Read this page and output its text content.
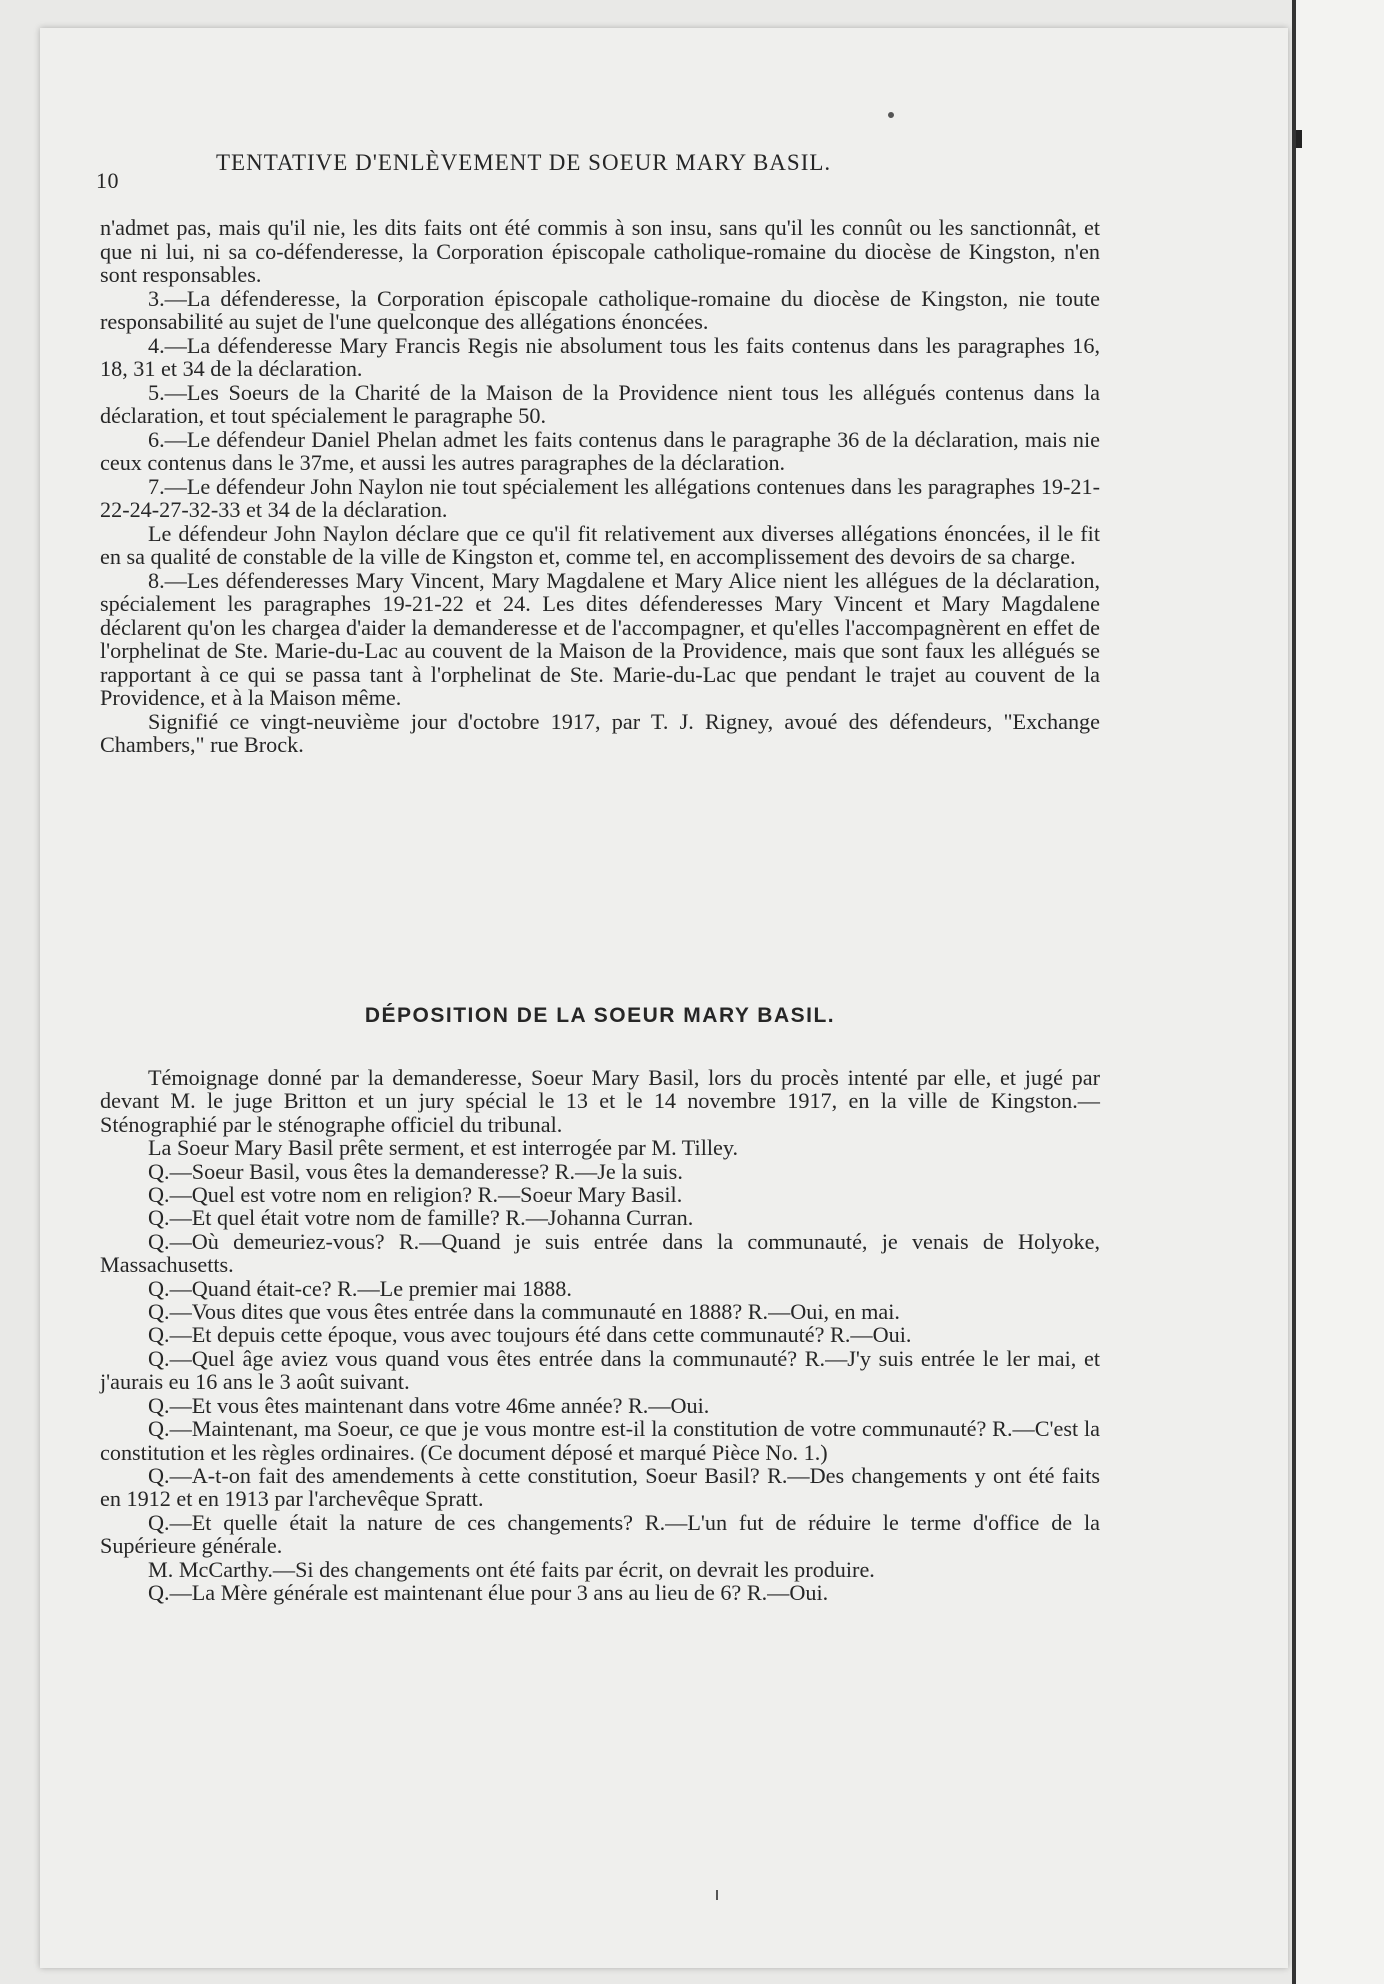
10
TENTATIVE D'ENLÈVEMENT DE SOEUR MARY BASIL.

n'admet pas, mais qu'il nie, les dits faits ont été commis à son insu, sans qu'il les connût ou les sanctionnât, et que ni lui, ni sa co-défenderesse, la Corporation épiscopale catholique-romaine du diocèse de Kingston, n'en sont responsables.

3.—La défenderesse, la Corporation épiscopale catholique-romaine du diocèse de Kingston, nie toute responsabilité au sujet de l'une quelconque des allégations énoncées.

4.—La défenderesse Mary Francis Regis nie absolument tous les faits contenus dans les paragraphes 16, 18, 31 et 34 de la déclaration.

5.—Les Soeurs de la Charité de la Maison de la Providence nient tous les allégués contenus dans la déclaration, et tout spécialement le paragraphe 50.

6.—Le défendeur Daniel Phelan admet les faits contenus dans le paragraphe 36 de la déclaration, mais nie ceux contenus dans le 37me, et aussi les autres paragraphes de la déclaration.

7.—Le défendeur John Naylon nie tout spécialement les allégations contenues dans les paragraphes 19-21-22-24-27-32-33 et 34 de la déclaration.

Le défendeur John Naylon déclare que ce qu'il fit relativement aux diverses allégations énoncées, il le fit en sa qualité de constable de la ville de Kingston et, comme tel, en accomplissement des devoirs de sa charge.

8.—Les défenderesses Mary Vincent, Mary Magdalene et Mary Alice nient les allégues de la déclaration, spécialement les paragraphes 19-21-22 et 24. Les dites défenderesses Mary Vincent et Mary Magdalene déclarent qu'on les chargea d'aider la demanderesse et de l'accompagner, et qu'elles l'accompagnèrent en effet de l'orphelinat de Ste. Marie-du-Lac au couvent de la Maison de la Providence, mais que sont faux les allégués se rapportant à ce qui se passa tant à l'orphelinat de Ste. Marie-du-Lac que pendant le trajet au couvent de la Providence, et à la Maison même.

Signifié ce vingt-neuvième jour d'octobre 1917, par T. J. Rigney, avoué des défendeurs, "Exchange Chambers," rue Brock.

DÉPOSITION DE LA SOEUR MARY BASIL.

Témoignage donné par la demanderesse, Soeur Mary Basil, lors du procès intenté par elle, et jugé par devant M. le juge Britton et un jury spécial le 13 et le 14 novembre 1917, en la ville de Kingston.—Sténographié par le sténographe officiel du tribunal.

La Soeur Mary Basil prête serment, et est interrogée par M. Tilley.

Q.—Soeur Basil, vous êtes la demanderesse? R.—Je la suis.

Q.—Quel est votre nom en religion? R.—Soeur Mary Basil.

Q.—Et quel était votre nom de famille? R.—Johanna Curran.

Q.—Où demeuriez-vous? R.—Quand je suis entrée dans la communauté, je venais de Holyoke, Massachusetts.

Q.—Quand était-ce? R.—Le premier mai 1888.

Q.—Vous dites que vous êtes entrée dans la communauté en 1888? R.—Oui, en mai.

Q.—Et depuis cette époque, vous avec toujours été dans cette communauté? R.—Oui.

Q.—Quel âge aviez vous quand vous êtes entrée dans la communauté? R.—J'y suis entrée le ler mai, et j'aurais eu 16 ans le 3 août suivant.

Q.—Et vous êtes maintenant dans votre 46me année? R.—Oui.

Q.—Maintenant, ma Soeur, ce que je vous montre est-il la constitution de votre communauté? R.—C'est la constitution et les règles ordinaires. (Ce document déposé et marqué Pièce No. 1.)

Q.—A-t-on fait des amendements à cette constitution, Soeur Basil? R.—Des changements y ont été faits en 1912 et en 1913 par l'archevêque Spratt.

Q.—Et quelle était la nature de ces changements? R.—L'un fut de réduire le terme d'office de la Supérieure générale.

M. McCarthy.—Si des changements ont été faits par écrit, on devrait les produire.

Q.—La Mère générale est maintenant élue pour 3 ans au lieu de 6? R.—Oui.
